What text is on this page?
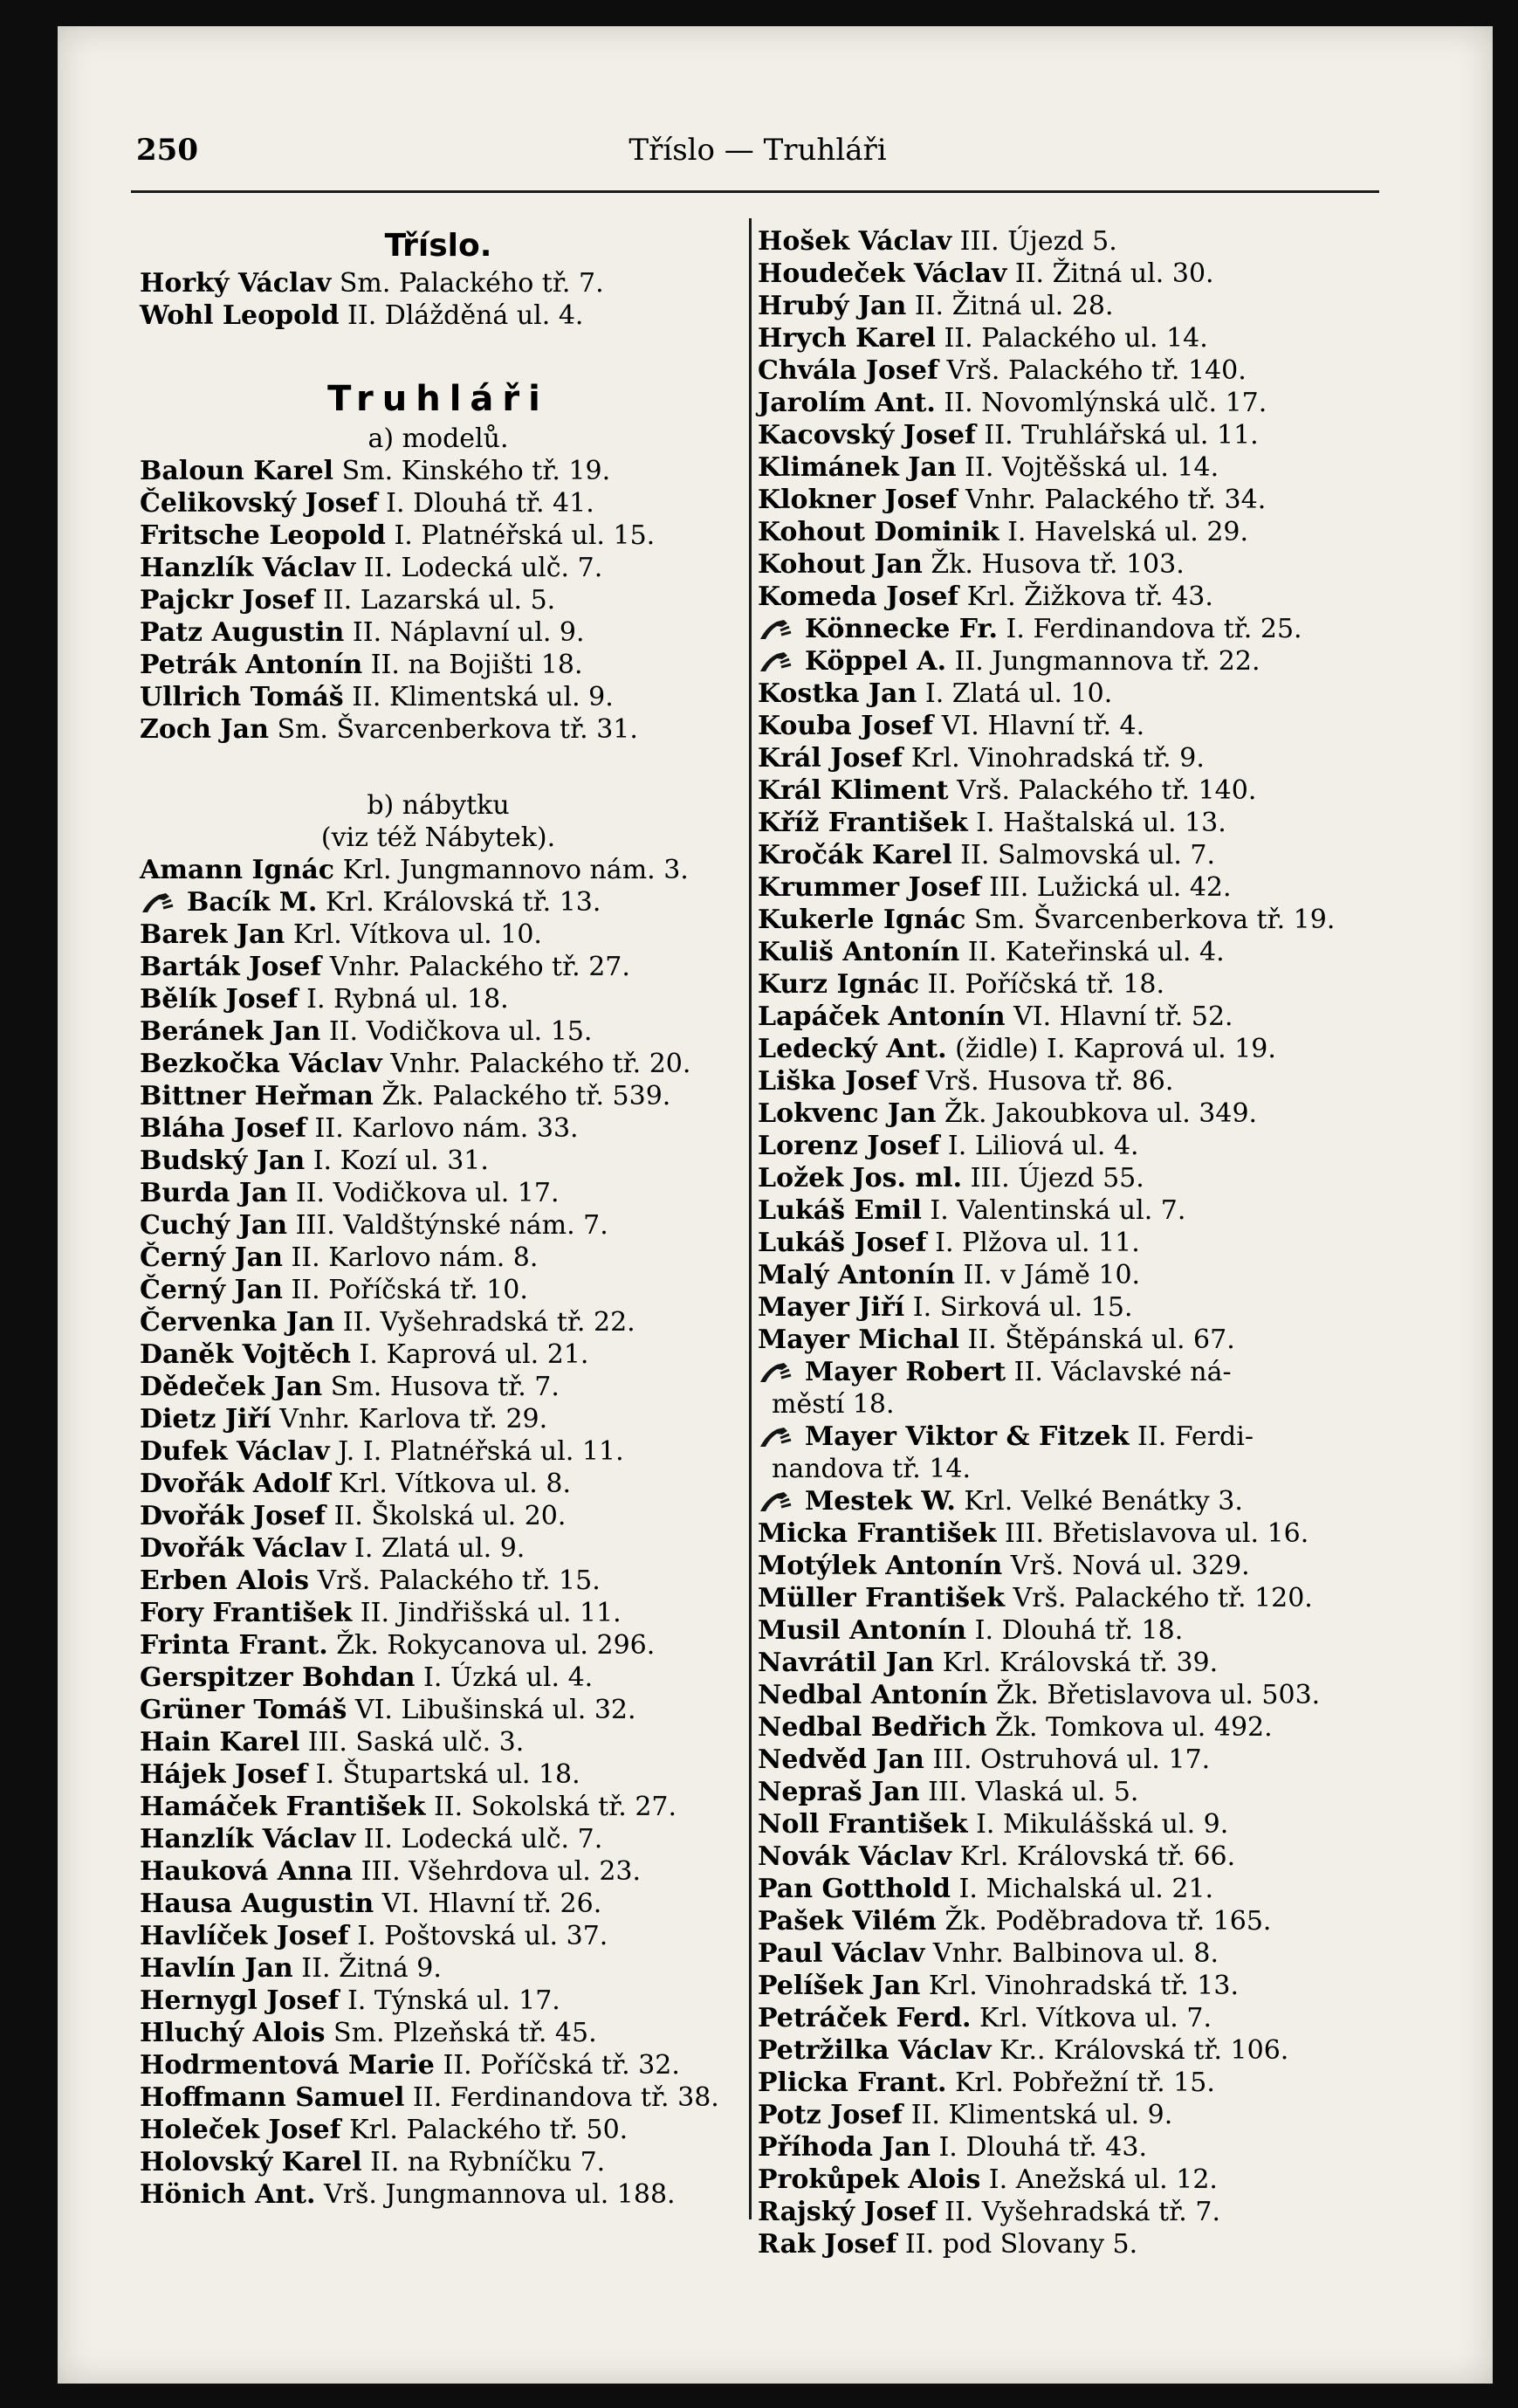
250	Tříslo — Truhláři
Tříslo.
Horký Václav Sm. Palackého tř. 7.
Wohl Leopold II. Dlážděná ul. 4.
Truhláři
a) modelů.
Baloun Karel Sm. Kinského tř. 19.
Čelikovský Josef I. Dlouhá tř. 41.
Fritsche Leopold I. Platnéřská ul. 15.
Hanzlík Václav II. Lodecká ulč. 7.
Pajckr Josef II. Lazarská ul. 5.
Patz Augustin II. Náplavní ul. 9.
Petrák Antonín II. na Bojišti 18.
Ullrich Tomáš II. Klimentská ul. 9.
Zoch Jan Sm. Švarcenberkova tř. 31.
b) nábytku
(viz též Nábytek).
Amann Ignác Krl. Jungmannovo nám. 3.
Bacík M. Krl. Královská tř. 13.
Barek Jan Krl. Vítkova ul. 10.
Barták Josef Vnhr. Palackého tř. 27.
Bělík Josef I. Rybná ul. 18.
Beránek Jan II. Vodičkova ul. 15.
Bezkočka Václav Vnhr. Palackého tř. 20.
Bittner Heřman Žk. Palackého tř. 539.
Bláha Josef II. Karlovo nám. 33.
Budský Jan I. Kozí ul. 31.
Burda Jan II. Vodičkova ul. 17.
Cuchý Jan III. Valdštýnské nám. 7.
Černý Jan II. Karlovo nám. 8.
Černý Jan II. Poříčská tř. 10.
Červenka Jan II. Vyšehradská tř. 22.
Daněk Vojtěch I. Kaprová ul. 21.
Dědeček Jan Sm. Husova tř. 7.
Dietz Jiří Vnhr. Karlova tř. 29.
Dufek Václav J. I. Platnéřská ul. 11.
Dvořák Adolf Krl. Vítkova ul. 8.
Dvořák Josef II. Školská ul. 20.
Dvořák Václav I. Zlatá ul. 9.
Erben Alois Vrš. Palackého tř. 15.
Fory František II. Jindřišská ul. 11.
Frinta Frant. Žk. Rokycanova ul. 296.
Gerspitzer Bohdan I. Úzká ul. 4.
Grüner Tomáš VI. Libušinská ul. 32.
Hain Karel III. Saská ulč. 3.
Hájek Josef I. Štupartská ul. 18.
Hamáček František II. Sokolská tř. 27.
Hanzlík Václav II. Lodecká ulč. 7.
Hauková Anna III. Všehrdova ul. 23.
Hausa Augustin VI. Hlavní tř. 26.
Havlíček Josef I. Poštovská ul. 37.
Havlín Jan II. Žitná 9.
Hernygl Josef I. Týnská ul. 17.
Hluchý Alois Sm. Plzeňská tř. 45.
Hodrmentová Marie II. Poříčská tř. 32.
Hoffmann Samuel II. Ferdinandova tř. 38.
Holeček Josef Krl. Palackého tř. 50.
Holovský Karel II. na Rybníčku 7.
Hönich Ant. Vrš. Jungmannova ul. 188.
Hošek Václav III. Újezd 5.
Houdeček Václav II. Žitná ul. 30.
Hrubý Jan II. Žitná ul. 28.
Hrych Karel II. Palackého ul. 14.
Chvála Josef Vrš. Palackého tř. 140.
Jarolím Ant. II. Novomlýnská ulč. 17.
Kacovský Josef II. Truhlářská ul. 11.
Klimánek Jan II. Vojtěšská ul. 14.
Klokner Josef Vnhr. Palackého tř. 34.
Kohout Dominik I. Havelská ul. 29.
Kohout Jan Žk. Husova tř. 103.
Komeda Josef Krl. Žižkova tř. 43.
Könnecke Fr. I. Ferdinandova tř. 25.
Köppel A. II. Jungmannova tř. 22.
Kostka Jan I. Zlatá ul. 10.
Kouba Josef VI. Hlavní tř. 4.
Král Josef Krl. Vinohradská tř. 9.
Král Kliment Vrš. Palackého tř. 140.
Kříž František I. Haštalská ul. 13.
Kročák Karel II. Salmovská ul. 7.
Krummer Josef III. Lužická ul. 42.
Kukerle Ignác Sm. Švarcenberkova tř. 19.
Kuliš Antonín II. Kateřinská ul. 4.
Kurz Ignác II. Poříčská tř. 18.
Lapáček Antonín VI. Hlavní tř. 52.
Ledecký Ant. (židle) I. Kaprová ul. 19.
Liška Josef Vrš. Husova tř. 86.
Lokvenc Jan Žk. Jakoubkova ul. 349.
Lorenz Josef I. Liliová ul. 4.
Ložek Jos. ml. III. Újezd 55.
Lukáš Emil I. Valentinská ul. 7.
Lukáš Josef I. Plžova ul. 11.
Malý Antonín II. v Jámě 10.
Mayer Jiří I. Sirková ul. 15.
Mayer Michal II. Štěpánská ul. 67.
Mayer Robert II. Václavské ná-
městí 18.
Mayer Viktor & Fitzek II. Ferdi-
nandova tř. 14.
Mestek W. Krl. Velké Benátky 3.
Micka František III. Břetislavova ul. 16.
Motýlek Antonín Vrš. Nová ul. 329.
Müller František Vrš. Palackého tř. 120.
Musil Antonín I. Dlouhá tř. 18.
Navrátil Jan Krl. Královská tř. 39.
Nedbal Antonín Žk. Břetislavova ul. 503.
Nedbal Bedřich Žk. Tomkova ul. 492.
Nedvěd Jan III. Ostruhová ul. 17.
Nepraš Jan III. Vlaská ul. 5.
Noll František I. Mikulášská ul. 9.
Novák Václav Krl. Královská tř. 66.
Pan Gotthold I. Michalská ul. 21.
Pašek Vilém Žk. Poděbradova tř. 165.
Paul Václav Vnhr. Balbinova ul. 8.
Pelíšek Jan Krl. Vinohradská tř. 13.
Petráček Ferd. Krl. Vítkova ul. 7.
Petržilka Václav Kr.. Královská tř. 106.
Plicka Frant. Krl. Pobřežní tř. 15.
Potz Josef II. Klimentská ul. 9.
Příhoda Jan I. Dlouhá tř. 43.
Prokůpek Alois I. Anežská ul. 12.
Rajský Josef II. Vyšehradská tř. 7.
Rak Josef II. pod Slovany 5.
